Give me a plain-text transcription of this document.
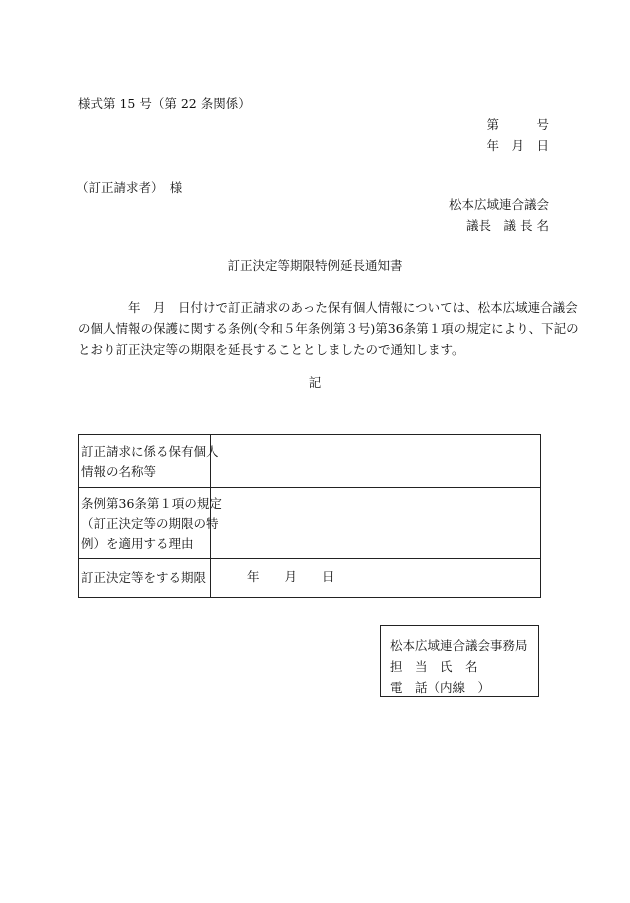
様式第 15 号（第 22 条関係）
第　　　号
年　月　日
（訂正請求者）　様
松本広域連合議会
議長　議 長 名
訂正決定等期限特例延長通知書

　　　　年　月　日付けで訂正請求のあった保有個人情報については、松本広域連合議会

の個人情報の保護に関する条例(令和５年条例第３号)第36条第１項の規定により、下記の

とおり訂正決定等の期限を延長することとしましたので通知します。

記
訂正請求に係る保有個人
情報の名称等
条例第36条第１項の規定
（訂正決定等の期限の特
例）を適用する理由
訂正決定等をする期限	年　　月　　日
松本広域連合議会事務局
担　当　氏　名
電　話（内線　）
